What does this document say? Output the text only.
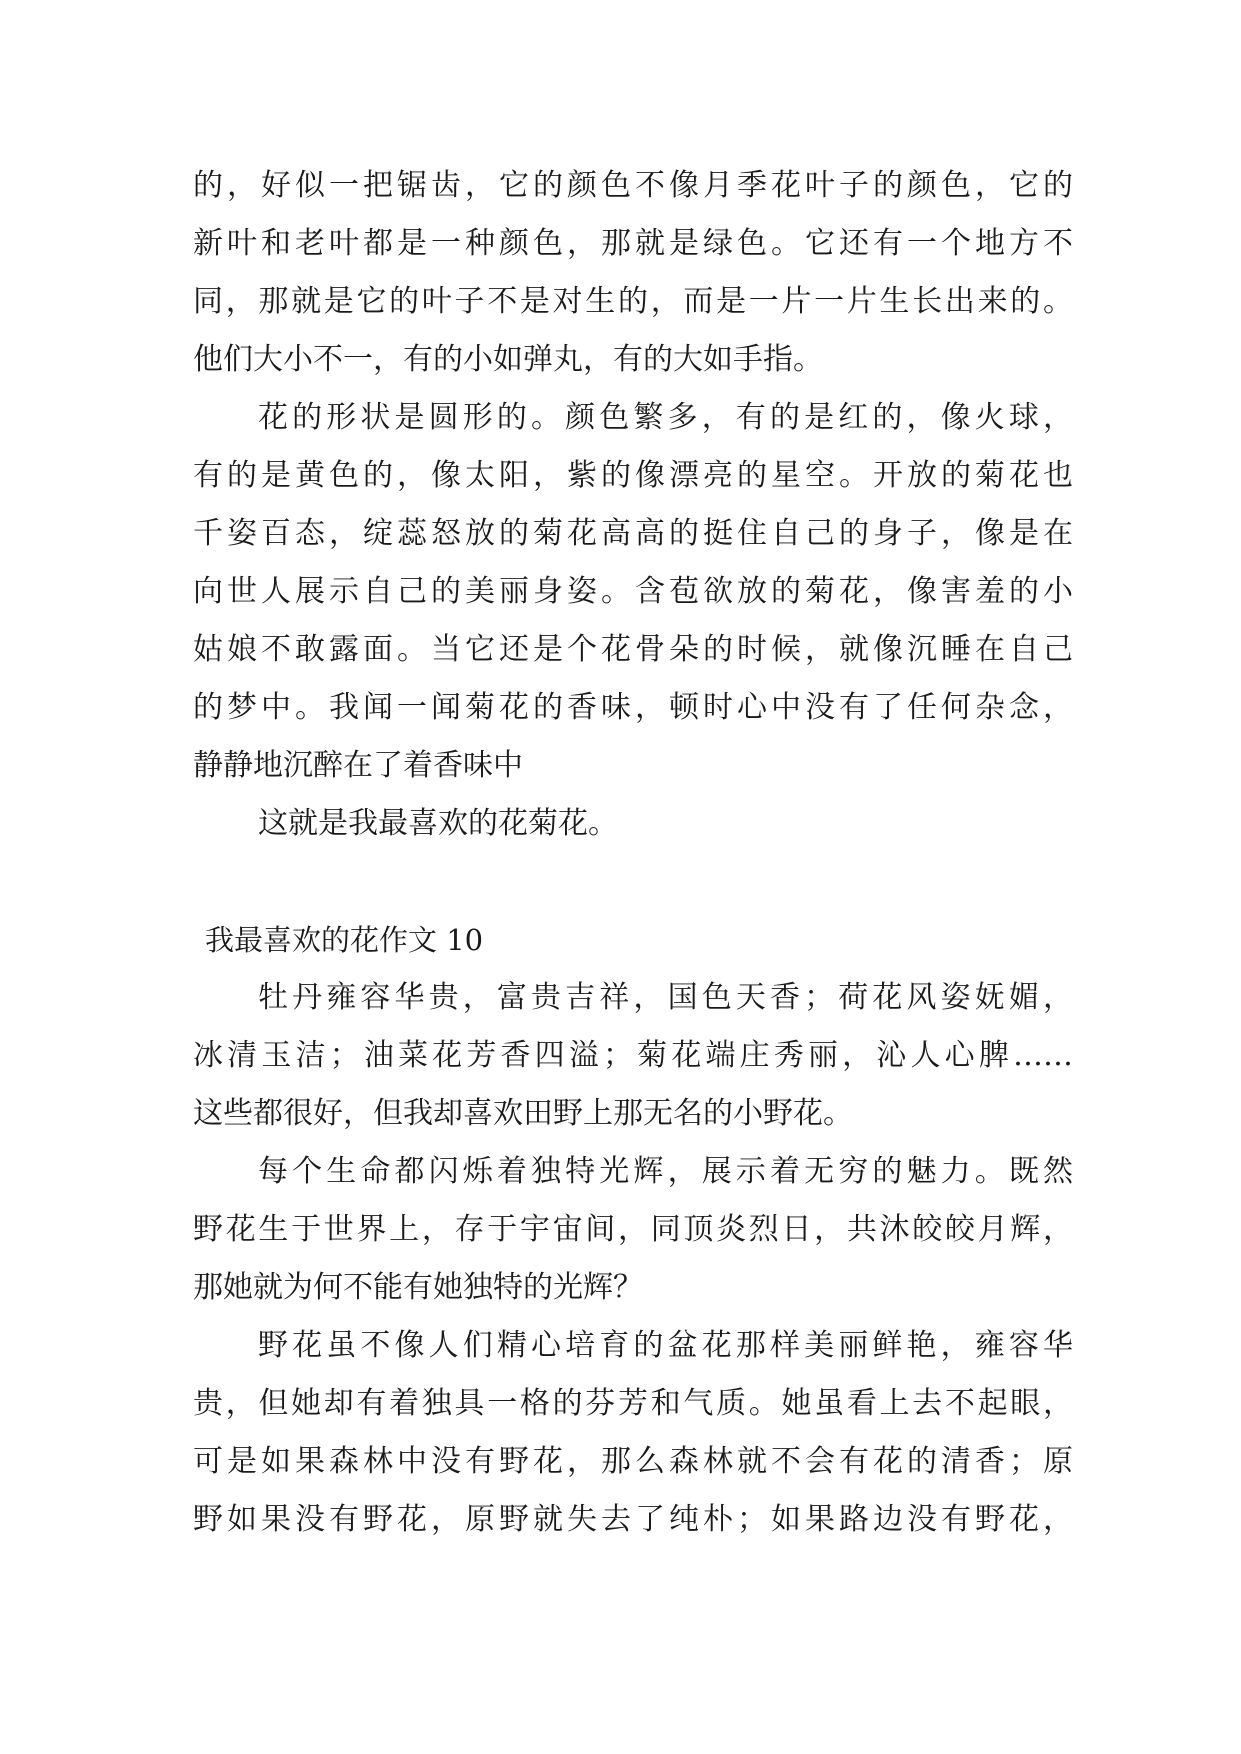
的，好似一把锯齿，它的颜色不像月季花叶子的颜色，它的
新叶和老叶都是一种颜色，那就是绿色。它还有一个地方不
同，那就是它的叶子不是对生的，而是一片一片生长出来的。
他们大小不一，有的小如弹丸，有的大如手指。
花的形状是圆形的。颜色繁多，有的是红的，像火球，
有的是黄色的，像太阳，紫的像漂亮的星空。开放的菊花也
千姿百态，绽蕊怒放的菊花高高的挺住自己的身子，像是在
向世人展示自己的美丽身姿。含苞欲放的菊花，像害羞的小
姑娘不敢露面。当它还是个花骨朵的时候，就像沉睡在自己
的梦中。我闻一闻菊花的香味，顿时心中没有了任何杂念，
静静地沉醉在了着香味中
这就是我最喜欢的花菊花。
我最喜欢的花作文 10
牡丹雍容华贵，富贵吉祥，国色天香；荷花风姿妩媚，
冰清玉洁；油菜花芳香四溢；菊花端庄秀丽，沁人心脾……
这些都很好，但我却喜欢田野上那无名的小野花。
每个生命都闪烁着独特光辉，展示着无穷的魅力。既然
野花生于世界上，存于宇宙间，同顶炎烈日，共沐皎皎月辉，
那她就为何不能有她独特的光辉？
野花虽不像人们精心培育的盆花那样美丽鲜艳，雍容华
贵，但她却有着独具一格的芬芳和气质。她虽看上去不起眼，
可是如果森林中没有野花，那么森林就不会有花的清香；原
野如果没有野花，原野就失去了纯朴；如果路边没有野花，
